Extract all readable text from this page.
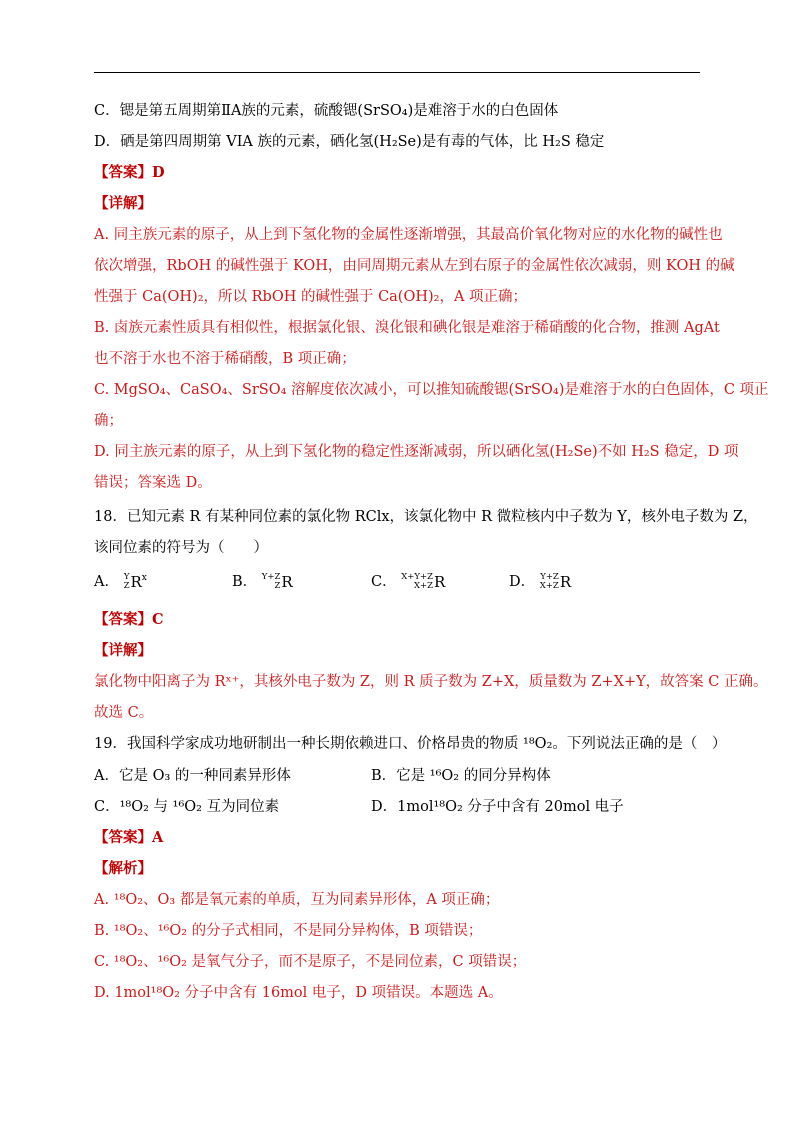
C．锶是第五周期第ⅡA族的元素，硫酸锶(SrSO₄)是难溶于水的白色固体
D．硒是第四周期第 VIA 族的元素，硒化氢(H₂Se)是有毒的气体，比 H₂S 稳定
【答案】D
【详解】
A. 同主族元素的原子，从上到下氢化物的金属性逐渐增强，其最高价氧化物对应的水化物的碱性也
依次增强，RbOH 的碱性强于 KOH，由同周期元素从左到右原子的金属性依次减弱，则 KOH 的碱
性强于 Ca(OH)₂，所以 RbOH 的碱性强于 Ca(OH)₂，A 项正确；
B. 卤族元素性质具有相似性，根据氯化银、溴化银和碘化银是难溶于稀硝酸的化合物，推测 AgAt
也不溶于水也不溶于稀硝酸，B 项正确；
C. MgSO₄、CaSO₄、SrSO₄ 溶解度依次减小，可以推知硫酸锶(SrSO₄)是难溶于水的白色固体，C 项正
确；
D. 同主族元素的原子，从上到下氢化物的稳定性逐渐减弱，所以硒化氢(H₂Se)不如 H₂S 稳定，D 项
错误；答案选 D。
18．已知元素 R 有某种同位素的氯化物 RClx，该氯化物中 R 微粒核内中子数为 Y，核外电子数为 Z，
该同位素的符号为（　　）
A． Y
Z $R^x$	B． Y+Z
Z R	C． X+Y+Z
X+Z R	D． Y+Z
X+Z R
【答案】C
【详解】
氯化物中阳离子为 Rˣ⁺，其核外电子数为 Z，则 R 质子数为 Z+X，质量数为 Z+X+Y，故答案 C 正确。
故选 C。
19．我国科学家成功地研制出一种长期依赖进口、价格昂贵的物质 ¹⁸O₂。下列说法正确的是（　）
A．它是 O₃ 的一种同素异形体	B．它是 ¹⁶O₂ 的同分异构体
C．¹⁸O₂ 与 ¹⁶O₂ 互为同位素	D．1mol¹⁸O₂ 分子中含有 20mol 电子
【答案】A
【解析】
A. ¹⁸O₂、O₃ 都是氧元素的单质，互为同素异形体，A 项正确；
B. ¹⁸O₂、¹⁶O₂ 的分子式相同，不是同分异构体，B 项错误；
C. ¹⁸O₂、¹⁶O₂ 是氧气分子，而不是原子，不是同位素，C 项错误；
D. 1mol¹⁸O₂ 分子中含有 16mol 电子，D 项错误。本题选 A。
